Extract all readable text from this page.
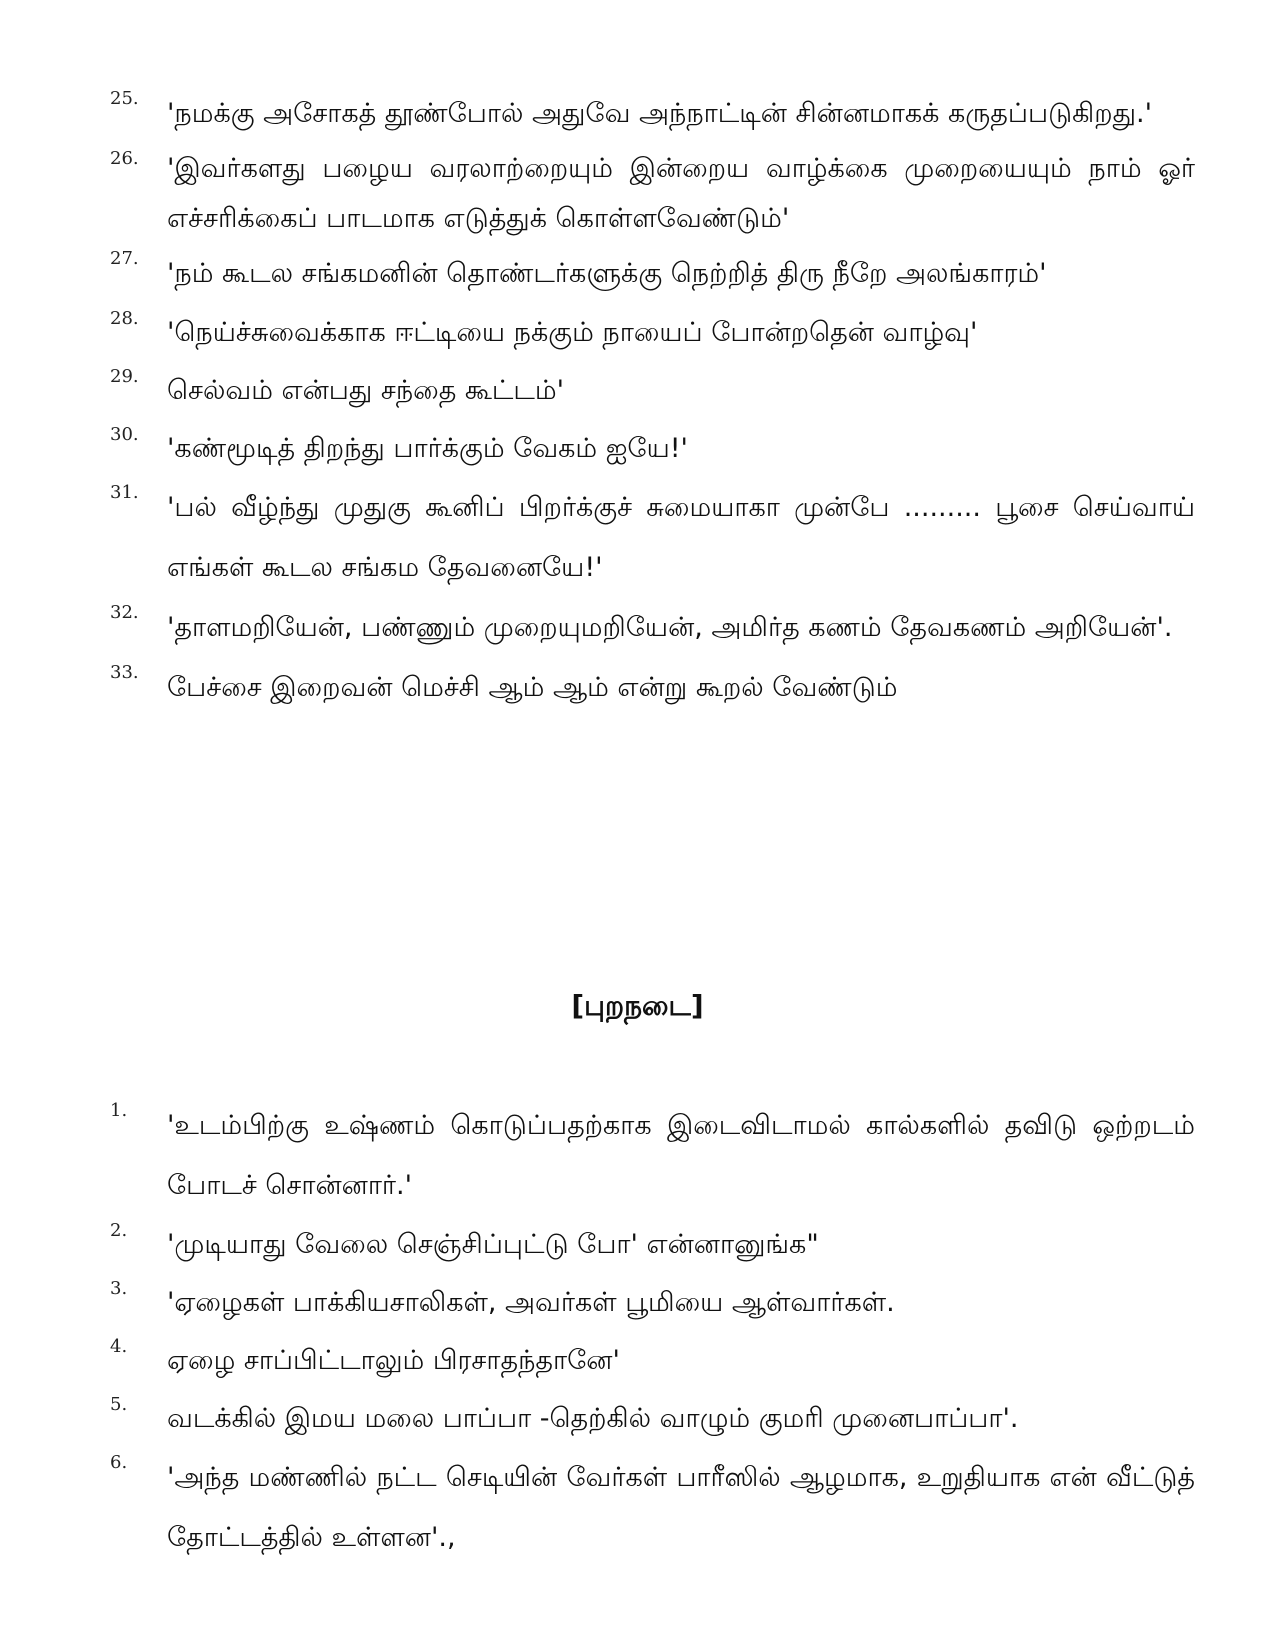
25.	'நமக்கு அசோகத் தூண்போல் அதுவே அந்நாட்டின் சின்னமாகக் கருதப்படுகிறது.'
26.	'இவர்களது பழைய வரலாற்றையும் இன்றைய வாழ்க்கை முறையையும் நாம் ஓர் எச்சரிக்கைப் பாடமாக எடுத்துக் கொள்ளவேண்டும்'
27.	'நம் கூடல சங்கமனின் தொண்டர்களுக்கு நெற்றித் திரு நீறே அலங்காரம்'
28.	'நெய்ச்சுவைக்காக ஈட்டியை நக்கும் நாயைப் போன்றதென் வாழ்வு'
29.	செல்வம் என்பது சந்தை கூட்டம்'
30.	'கண்மூடித் திறந்து பார்க்கும் வேகம் ஐயே!'
31.	'பல் வீழ்ந்து முதுகு கூனிப் பிறர்க்குச் சுமையாகா முன்பே ......... பூசை செய்வாய் எங்கள் கூடல சங்கம தேவனையே!'
32.	'தாளமறியேன், பண்ணும் முறையுமறியேன், அமிர்த கணம் தேவகணம் அறியேன்'.
33.	பேச்சை இறைவன் மெச்சி ஆம் ஆம் என்று கூறல் வேண்டும்
[புறநடை]
1.	'உடம்பிற்கு உஷ்ணம் கொடுப்பதற்காக இடைவிடாமல் கால்களில் தவிடு ஒற்றடம் போடச் சொன்னார்.'
2.	'முடியாது வேலை செஞ்சிப்புட்டு போ' என்னானுங்க"
3.	'ஏழைகள் பாக்கியசாலிகள், அவர்கள் பூமியை ஆள்வார்கள்.
4.	ஏழை சாப்பிட்டாலும் பிரசாதந்தானே'
5.	வடக்கில் இமய மலை பாப்பா -தெற்கில் வாழும் குமரி முனைபாப்பா'.
6.	'அந்த மண்ணில் நட்ட செடியின் வேர்கள் பாரீஸில் ஆழமாக, உறுதியாக என் வீட்டுத் தோட்டத்தில் உள்ளன'.,
